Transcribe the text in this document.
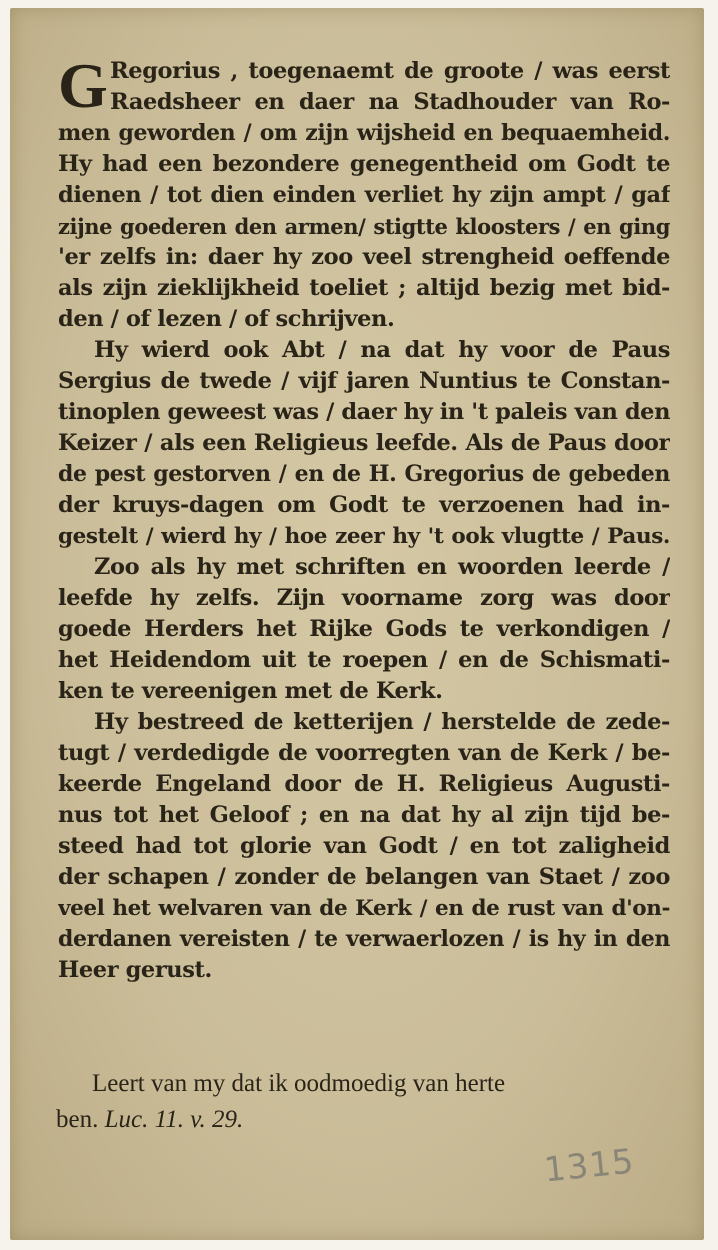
G Regorius , toegenaemt de groote / was eerst
Raedsheer en daer na Stadhouder van Ro-
men geworden / om zijn wijsheid en bequaemheid.
Hy had een bezondere genegentheid om Godt te
dienen / tot dien einden verliet hy zijn ampt / gaf
zijne goederen den armen/ stigtte kloosters / en ging
'er zelfs in: daer hy zoo veel strengheid oeffende
als zijn zieklijkheid toeliet ; altijd bezig met bid-
den / of lezen / of schrijven.
Hy wierd ook Abt / na dat hy voor de Paus
Sergius de twede / vijf jaren Nuntius te Constan-
tinoplen geweest was / daer hy in 't paleis van den
Keizer / als een Religieus leefde. Als de Paus door
de pest gestorven / en de H. Gregorius de gebeden
der kruys-dagen om Godt te verzoenen had in-
gestelt / wierd hy / hoe zeer hy 't ook vlugtte / Paus.
Zoo als hy met schriften en woorden leerde /
leefde hy zelfs. Zijn voorname zorg was door
goede Herders het Rijke Gods te verkondigen /
het Heidendom uit te roepen / en de Schismati-
ken te vereenigen met de Kerk.
Hy bestreed de ketterijen / herstelde de zede-
tugt / verdedigde de voorregten van de Kerk / be-
keerde Engeland door de H. Religieus Augusti-
nus tot het Geloof ; en na dat hy al zijn tijd be-
steed had tot glorie van Godt / en tot zaligheid
der schapen / zonder de belangen van Staet / zoo
veel het welvaren van de Kerk / en de rust van d'on-
derdanen vereisten / te verwaerlozen / is hy in den
Heer gerust.
Leert van my dat ik oodmoedig van herte
ben. Luc. 11. v. 29.
1315
